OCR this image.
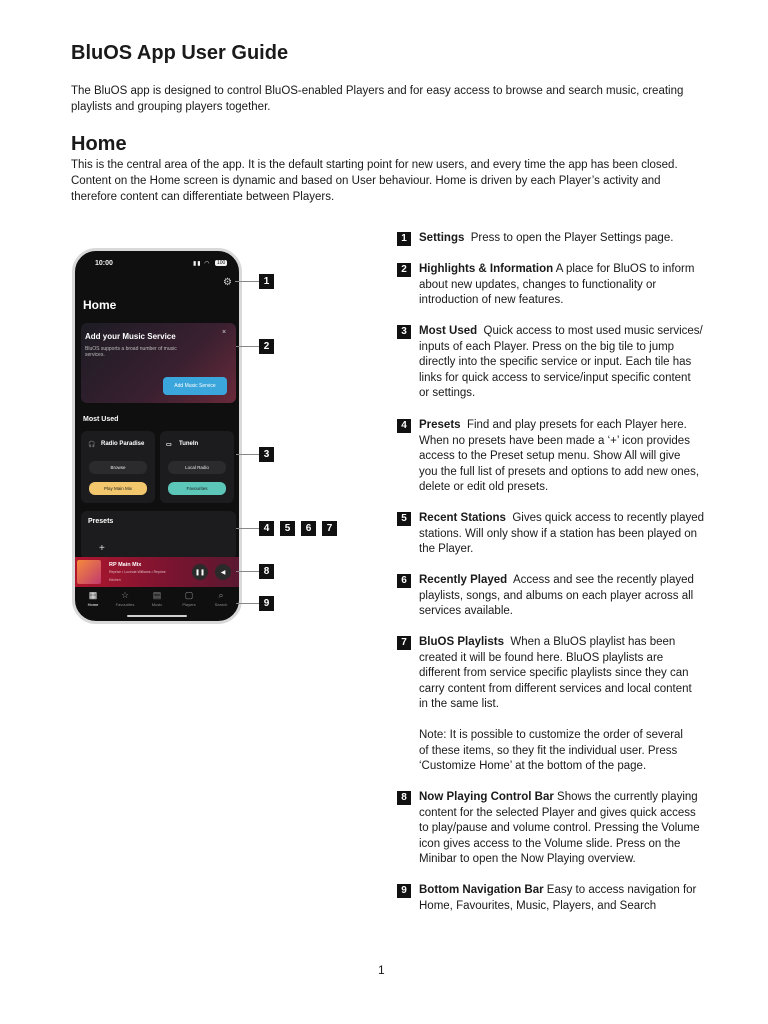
BluOS App User Guide
The BluOS app is designed to control BluOS-enabled Players and for easy access to browse and search music, creating
playlists and grouping players together.
Home
This is the central area of the app. It is the default starting point for new users, and every time the app has been closed.
Content on the Home screen is dynamic and based on User behaviour. Home is driven by each Player’s activity and
therefore content can differentiate between Players.
10:00	▮▮ ◠	100
⚙
Home
Add your Music Service	×
BluOS supports a broad number of music services.
Add Music Service
Most Used
🎧 Radio Paradise
Browse
Play Main Mix
▭ TuneIn
Local Radio
Favourites
Presets
+
RP Main Mix
Reprise • Lucinda Williams • Reprise
Kitchen
❚❚	◀
▦
Home
☆
Favourites
▤
Music
▢
Players
⌕
Search
1
2
3
4	5	6	7
8
9
1	Settings Press to open the Player Settings page.
2	Highlights & Information A place for BluOS to inform
about new updates, changes to functionality or
introduction of new features.
3	Most Used Quick access to most used music services/
inputs of each Player. Press on the big tile to jump
directly into the specific service or input. Each tile has
links for quick access to service/input specific content
or settings.
4	Presets Find and play presets for each Player here.
When no presets have been made a ‘+’ icon provides
access to the Preset setup menu. Show All will give
you the full list of presets and options to add new ones,
delete or edit old presets.
5	Recent Stations Gives quick access to recently played
stations. Will only show if a station has been played on
the Player.
6	Recently Played Access and see the recently played
playlists, songs, and albums on each player across all
services available.
7	BluOS Playlists When a BluOS playlist has been
created it will be found here. BluOS playlists are
different from service specific playlists since they can
carry content from different services and local content
in the same list.
Note: It is possible to customize the order of several
of these items, so they fit the individual user. Press
‘Customize Home’ at the bottom of the page.
8	Now Playing Control Bar Shows the currently playing
content for the selected Player and gives quick access
to play/pause and volume control. Pressing the Volume
icon gives access to the Volume slide. Press on the
Minibar to open the Now Playing overview.
9	Bottom Navigation Bar Easy to access navigation for
Home, Favourites, Music, Players, and Search
1
